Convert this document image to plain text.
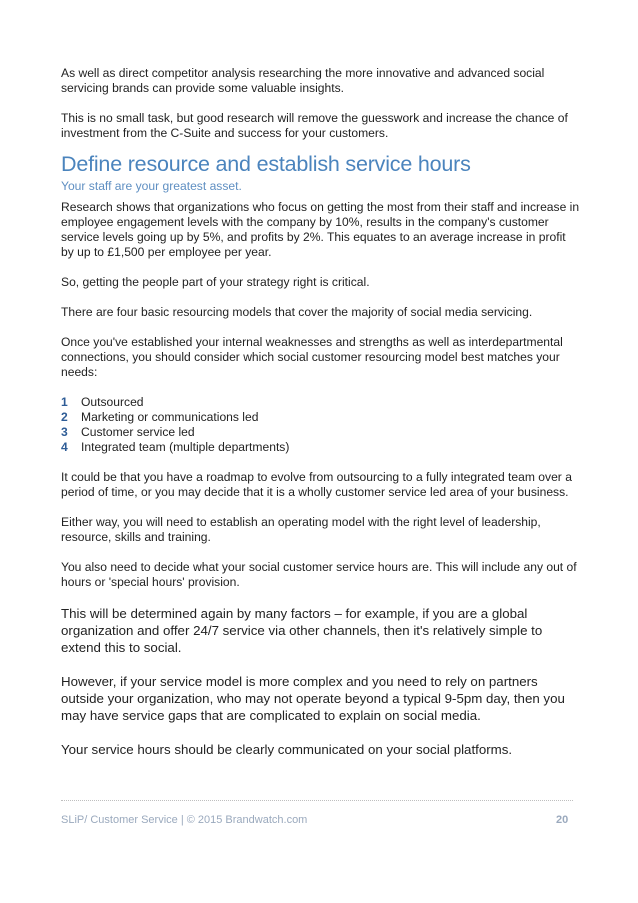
As well as direct competitor analysis researching the more innovative and advanced social servicing brands can provide some valuable insights.

This is no small task, but good research will remove the guesswork and increase the chance of investment from the C-Suite and success for your customers.

Define resource and establish service hours

Your staff are your greatest asset.

Research shows that organizations who focus on getting the most from their staff and increase in employee engagement levels with the company by 10%, results in the company's customer service levels going up by 5%, and profits by 2%. This equates to an average increase in profit by up to £1,500 per employee per year.

So, getting the people part of your strategy right is critical.

There are four basic resourcing models that cover the majority of social media servicing.

Once you've established your internal weaknesses and strengths as well as interdepartmental connections, you should consider which social customer resourcing model best matches your needs:

1	Outsourced
2	Marketing or communications led
3	Customer service led
4	Integrated team (multiple departments)

It could be that you have a roadmap to evolve from outsourcing to a fully integrated team over a period of time, or you may decide that it is a wholly customer service led area of your business.

Either way, you will need to establish an operating model with the right level of leadership, resource, skills and training.

You also need to decide what your social customer service hours are. This will include any out of hours or 'special hours' provision.

This will be determined again by many factors – for example, if you are a global organization and offer 24/7 service via other channels, then it's relatively simple to extend this to social.

However, if your service model is more complex and you need to rely on partners outside your organization, who may not operate beyond a typical 9-5pm day, then you may have service gaps that are complicated to explain on social media.

Your service hours should be clearly communicated on your social platforms.

SLiP/ Customer Service | © 2015 Brandwatch.com	20
